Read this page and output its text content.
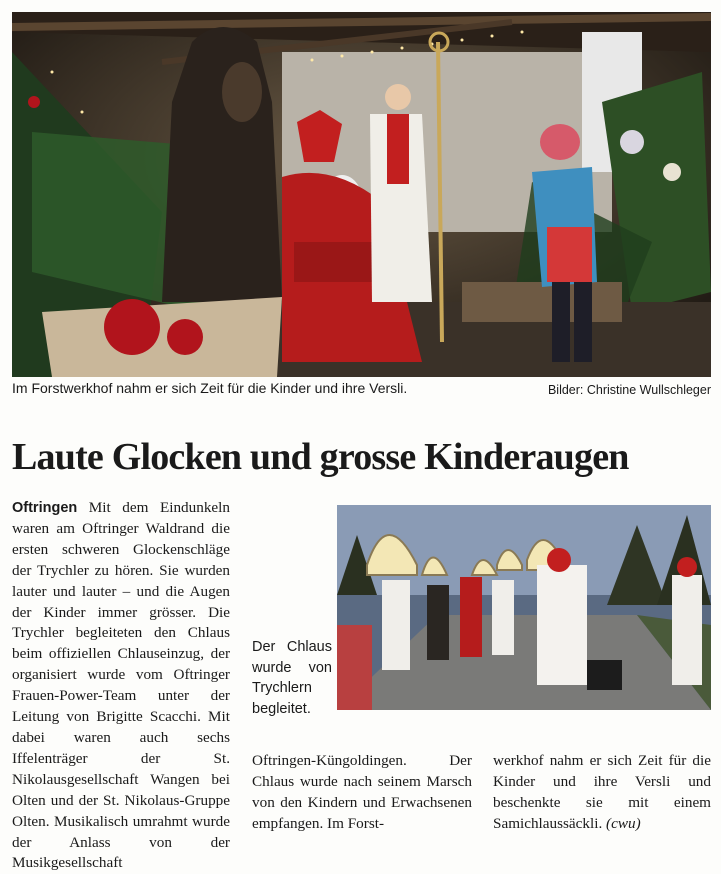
Im Forstwerkhof nahm er sich Zeit für die Kinder und ihre Versli.	Bilder: Christine Wullschleger
Laute Glocken und grosse Kinderaugen
Oftringen Mit dem Eindunkeln waren am Oftringer Waldrand die ersten schweren Glockenschläge der Trychler zu hören. Sie wurden lauter und lauter – und die Augen der Kinder immer grösser. Die Trychler begleiteten den Chlaus beim offiziellen Chlauseinzug, der organisiert wurde vom Oftringer Frauen-Power-Team unter der Leitung von Brigitte Scacchi. Mit dabei waren auch sechs Iffelenträger der St. Nikolausgesellschaft Wangen bei Olten und der St. Nikolaus-Gruppe Olten. Musikalisch umrahmt wurde der Anlass von der Musikgesellschaft
Der Chlaus wurde von Trychlern begleitet.
Oftringen-Küngoldingen. Der Chlaus wurde nach seinem Marsch von den Kindern und Erwachsenen empfangen. Im Forst-
werkhof nahm er sich Zeit für die Kinder und ihre Versli und beschenkte sie mit einem Samichlaussäckli. (cwu)
